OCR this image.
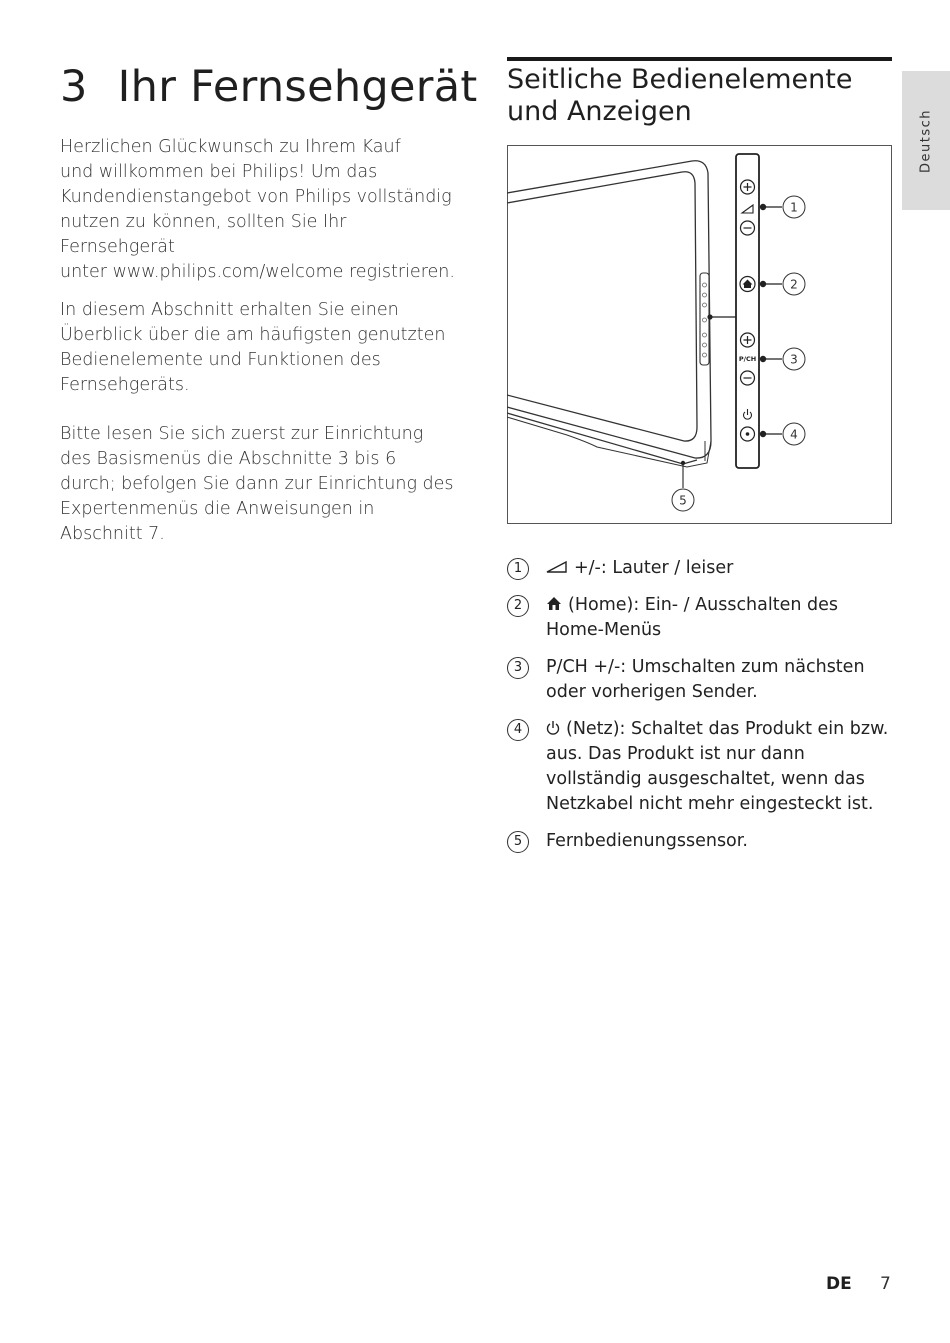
3 Ihr Fernsehgerät

Herzlichen Glückwunsch zu Ihrem Kauf
und willkommen bei Philips! Um das
Kundendienstangebot von Philips vollständig
nutzen zu können, sollten Sie Ihr Fernsehgerät
unter www.philips.com/welcome registrieren.

In diesem Abschnitt erhalten Sie einen
Überblick über die am häufigsten genutzten
Bedienelemente und Funktionen des
Fernsehgeräts.

Bitte lesen Sie sich zuerst zur Einrichtung
des Basismenüs die Abschnitte 3 bis 6
durch; befolgen Sie dann zur Einrichtung des
Expertenmenüs die Anweisungen in Abschnitt 7.

Seitliche Bedienelemente und Anzeigen	Deutsch
P/CH
1
2
3
4
5
1	+/-: Lauter / leiser
2	(Home): Ein- / Ausschalten des Home-Menüs
3	P/CH +/-: Umschalten zum nächsten oder vorherigen Sender.
4	(Netz): Schaltet das Produkt ein bzw. aus. Das Produkt ist nur dann vollständig ausgeschaltet, wenn das Netzkabel nicht mehr eingesteckt ist.
5	Fernbedienungssensor.
DE 7
